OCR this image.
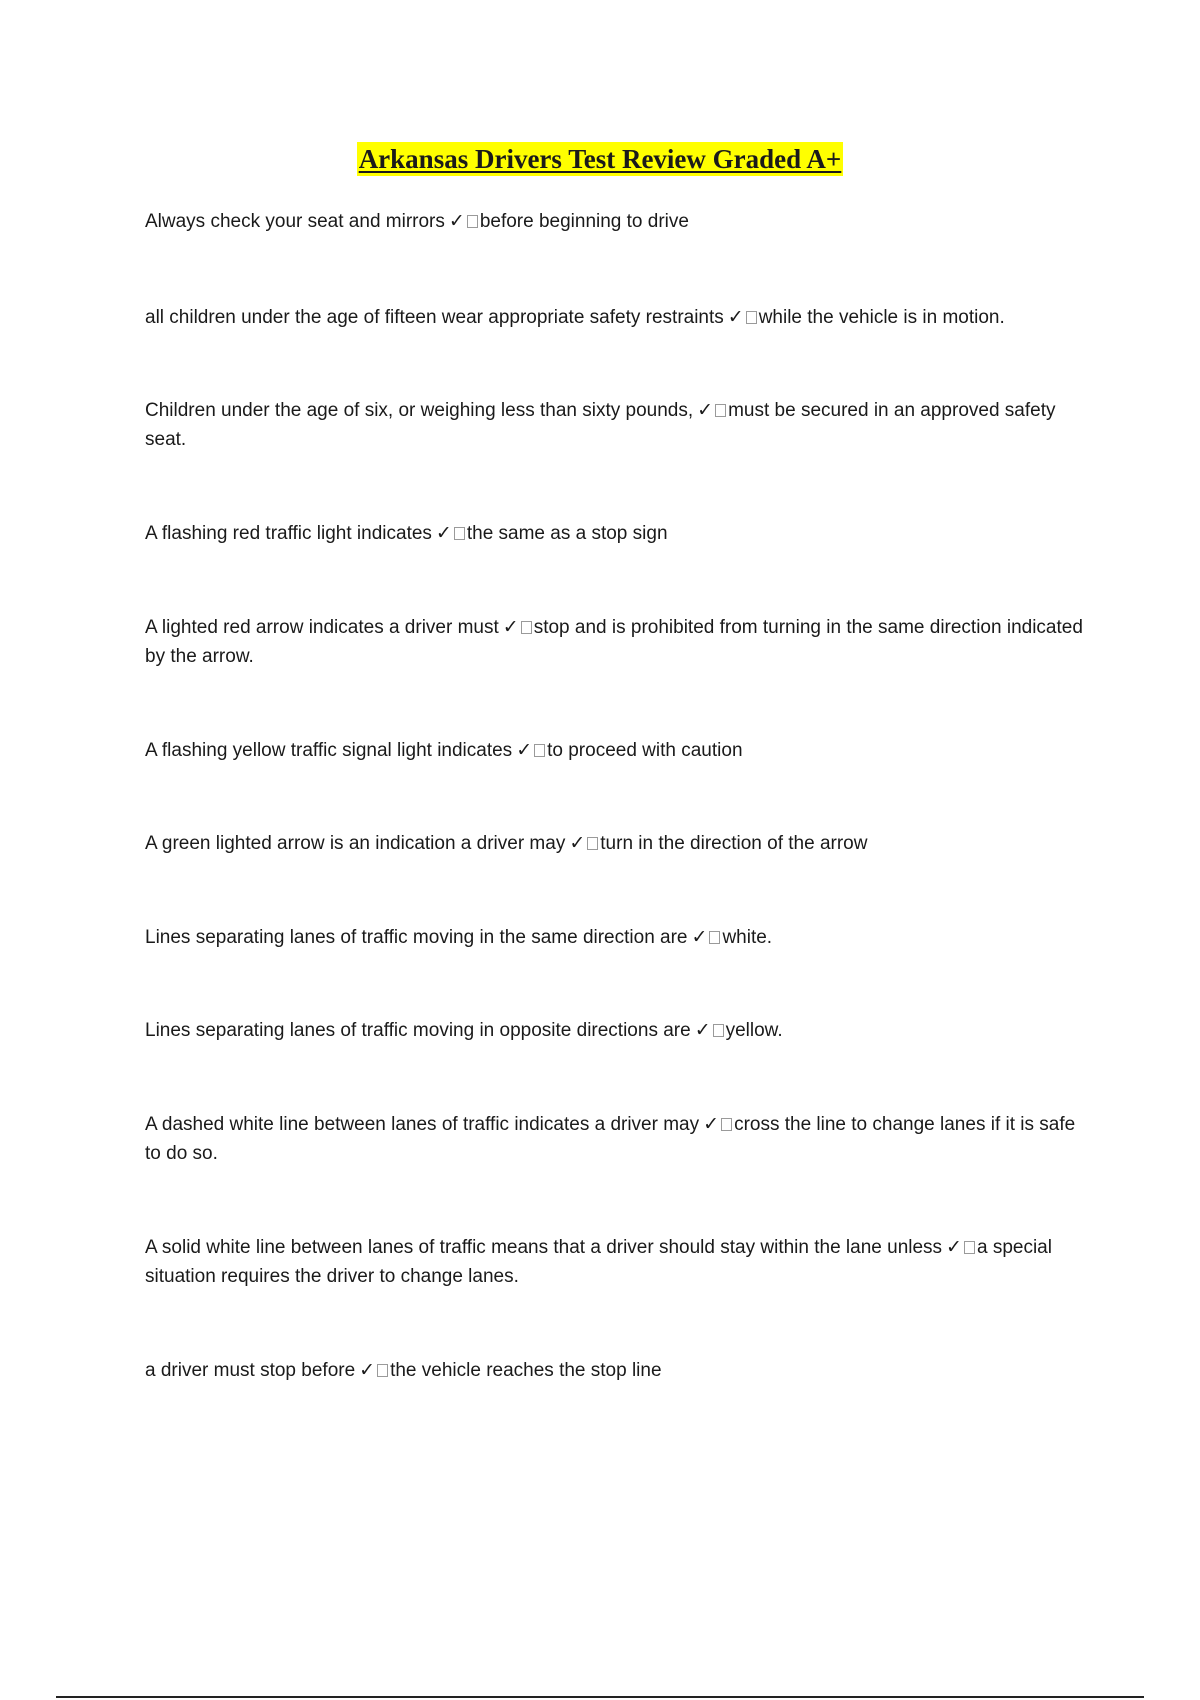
Arkansas Drivers Test Review Graded A+
Always check your seat and mirrors ✓ before beginning to drive
all children under the age of fifteen wear appropriate safety restraints ✓ while the vehicle is in motion.
Children under the age of six, or weighing less than sixty pounds, ✓ must be secured in an approved safety seat.
A flashing red traffic light indicates ✓ the same as a stop sign
A lighted red arrow indicates a driver must ✓ stop and is prohibited from turning in the same direction indicated by the arrow.
A flashing yellow traffic signal light indicates ✓ to proceed with caution
A green lighted arrow is an indication a driver may ✓ turn in the direction of the arrow
Lines separating lanes of traffic moving in the same direction are ✓ white.
Lines separating lanes of traffic moving in opposite directions are ✓ yellow.
A dashed white line between lanes of traffic indicates a driver may ✓ cross the line to change lanes if it is safe to do so.
A solid white line between lanes of traffic means that a driver should stay within the lane unless ✓ a special situation requires the driver to change lanes.
a driver must stop before ✓ the vehicle reaches the stop line
